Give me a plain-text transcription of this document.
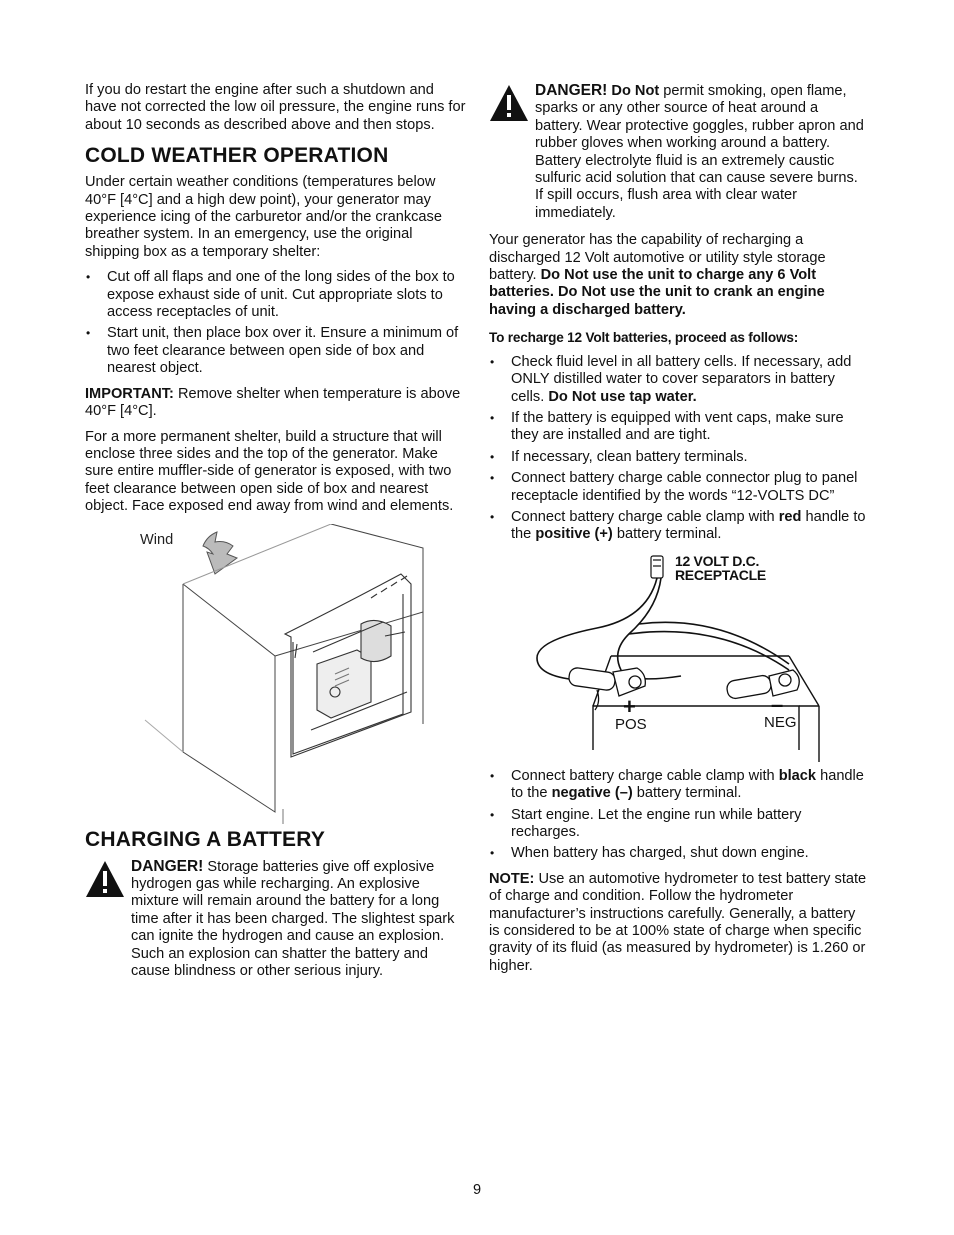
If you do restart the engine after such a shutdown and have not corrected the low oil pressure, the engine runs for about 10 seconds as described above and then stops.

COLD WEATHER OPERATION

Under certain weather conditions (temperatures below 40°F [4°C] and a high dew point), your generator may experience icing of the carburetor and/or the crankcase breather system. In an emergency, use the original shipping box as a temporary shelter:

• Cut off all flaps and one of the long sides of the box to expose exhaust side of unit. Cut appropriate slots to access receptacles of unit.
• Start unit, then place box over it. Ensure a minimum of two feet clearance between open side of box and nearest object.

IMPORTANT: Remove shelter when temperature is above 40°F [4°C].

For a more permanent shelter, build a structure that will enclose three sides and the top of the generator. Make sure entire muffler-side of generator is exposed, with two feet clearance between open side of box and nearest object. Face exposed end away from wind and elements.

Wind
CHARGING A BATTERY
DANGER! Storage batteries give off explosive hydrogen gas while recharging. An explosive mixture will remain around the battery for a long time after it has been charged. The slightest spark can ignite the hydrogen and cause an explosion. Such an explosion can shatter the battery and cause blindness or other serious injury.
DANGER! Do Not permit smoking, open flame, sparks or any other source of heat around a battery. Wear protective goggles, rubber apron and rubber gloves when working around a battery. Battery electrolyte fluid is an extremely caustic sulfuric acid solution that can cause severe burns. If spill occurs, flush area with clear water immediately.

Your generator has the capability of recharging a discharged 12 Volt automotive or utility style storage battery. Do Not use the unit to charge any 6 Volt batteries. Do Not use the unit to crank an engine having a discharged battery.

To recharge 12 Volt batteries, proceed as follows:
• Check fluid level in all battery cells. If necessary, add ONLY distilled water to cover separators in battery cells. Do Not use tap water.
• If the battery is equipped with vent caps, make sure they are installed and are tight.
• If necessary, clean battery terminals.
• Connect battery charge cable connector plug to panel receptacle identified by the words “12-VOLTS DC”
• Connect battery charge cable clamp with red handle to the positive (+) battery terminal.
12 VOLT D.C.
RECEPTACLE
+	–
POS	NEG
• Connect battery charge cable clamp with black handle to the negative (–) battery terminal.
• Start engine. Let the engine run while battery recharges.
• When battery has charged, shut down engine.

NOTE: Use an automotive hydrometer to test battery state of charge and condition. Follow the hydrometer manufacturer’s instructions carefully. Generally, a battery is considered to be at 100% state of charge when specific gravity of its fluid (as measured by hydrometer) is 1.260 or higher.

9
